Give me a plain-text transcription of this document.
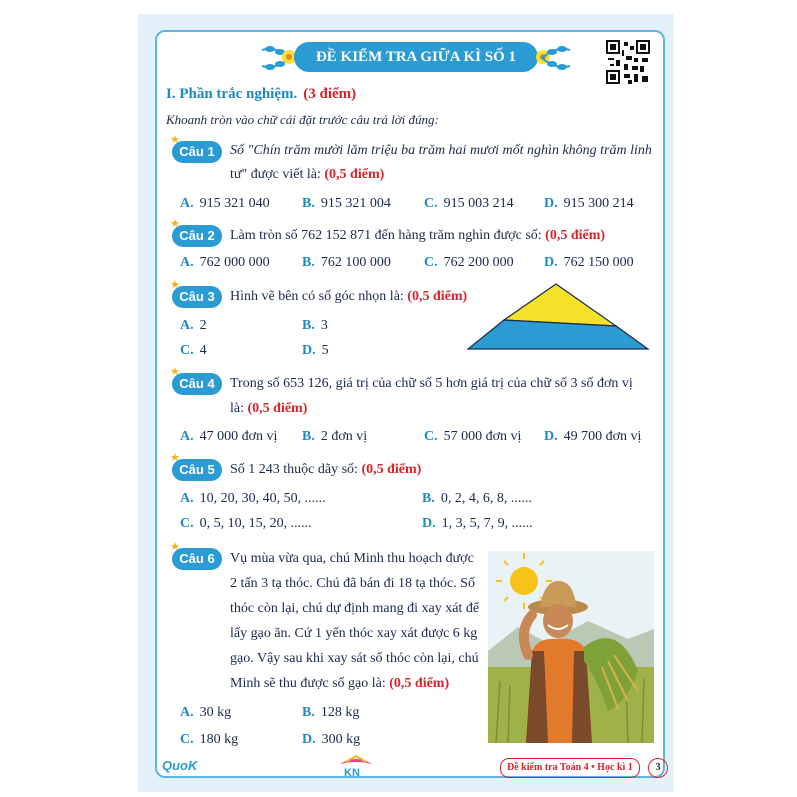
ĐỀ KIỂM TRA GIỮA KÌ SỐ 1
I. Phần trắc nghiệm. (3 điểm)
Khoanh tròn vào chữ cái đặt trước câu trả lời đúng:
★
Câu 1	Số "Chín trăm mười lăm triệu ba trăm hai mươi mốt nghìn không trăm linh
tư" được viết là: (0,5 điểm)
A. 915 321 040 B. 915 321 004 C. 915 003 214 D. 915 300 214
★
Câu 2	Làm tròn số 762 152 871 đến hàng trăm nghìn được số: (0,5 điểm)
A. 762 000 000 B. 762 100 000 C. 762 200 000 D. 762 150 000
★
Câu 3	Hình vẽ bên có số góc nhọn là: (0,5 điểm)
A. 2	B. 3
C. 4	D. 5
★
Câu 4	Trong số 653 126, giá trị của chữ số 5 hơn giá trị của chữ số 3 số đơn vị
là: (0,5 điểm)
A. 47 000 đơn vị B. 2 đơn vị	C. 57 000 đơn vị D. 49 700 đơn vị
★
Câu 5	Số 1 243 thuộc dãy số: (0,5 điểm)
A. 10, 20, 30, 40, 50, ......	B. 0, 2, 4, 6, 8, ......
C. 0, 5, 10, 15, 20, ......	D. 1, 3, 5, 7, 9, ......
★
Câu 6	Vụ mùa vừa qua, chú Minh thu hoạch được
2 tấn 3 tạ thóc. Chú đã bán đi 18 tạ thóc. Số
thóc còn lại, chú dự định mang đi xay xát để
lấy gạo ăn. Cứ 1 yến thóc xay xát được 6 kg
gạo. Vậy sau khi xay sát số thóc còn lại, chú
Minh sẽ thu được số gạo là: (0,5 điểm)
A. 30 kg	B. 128 kg
C. 180 kg	D. 300 kg
QuoK	KN	Đề kiểm tra Toán 4 • Học kì 1	3
